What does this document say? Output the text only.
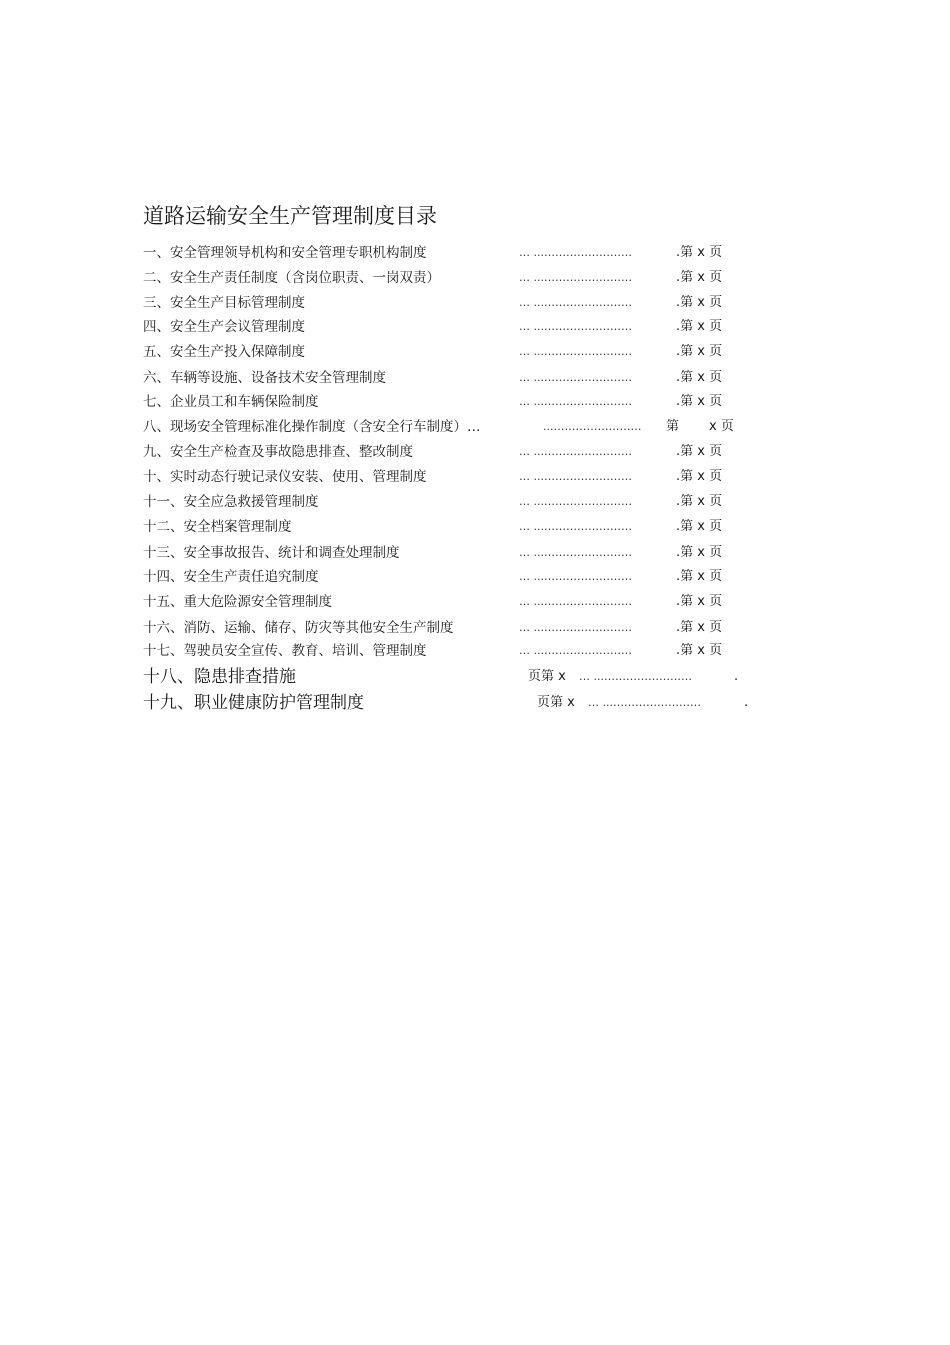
道路运输安全生产管理制度目录
一、安全管理领导机构和安全管理专职机构制度	… ...……………………	.第 x 页
二、安全生产责任制度（含岗位职责、一岗双责）	… ...……………………	.第 x 页
三、安全生产目标管理制度	… ...……………………	.第 x 页
四、安全生产会议管理制度	… ...……………………	.第 x 页
五、安全生产投入保障制度	… ...……………………	.第 x 页
六、车辆等设施、设备技术安全管理制度	… ...……………………	.第 x 页
七、企业员工和车辆保险制度	… ...……………………	.第 x 页
八、现场安全管理标准化操作制度（含安全行车制度）…	...…………………… 第 x 页
九、安全生产检查及事故隐患排查、整改制度	… ...……………………	.第 x 页
十、实时动态行驶记录仪安装、使用、管理制度	… ...……………………	.第 x 页
十一、安全应急救援管理制度	… ...……………………	.第 x 页
十二、安全档案管理制度	… ...……………………	.第 x 页
十三、安全事故报告、统计和调查处理制度	… ...……………………	.第 x 页
十四、安全生产责任追究制度	… ...……………………	.第 x 页
十五、重大危险源安全管理制度	… ...……………………	.第 x 页
十六、消防、运输、储存、防灾等其他安全生产制度	… ...……………………	.第 x 页
十七、驾驶员安全宣传、教育、培训、管理制度	… ...……………………	.第 x 页
十八、隐患排查措施	页第 x … ...……………………	.
十九、职业健康防护管理制度	页第 x … ...……………………	.
